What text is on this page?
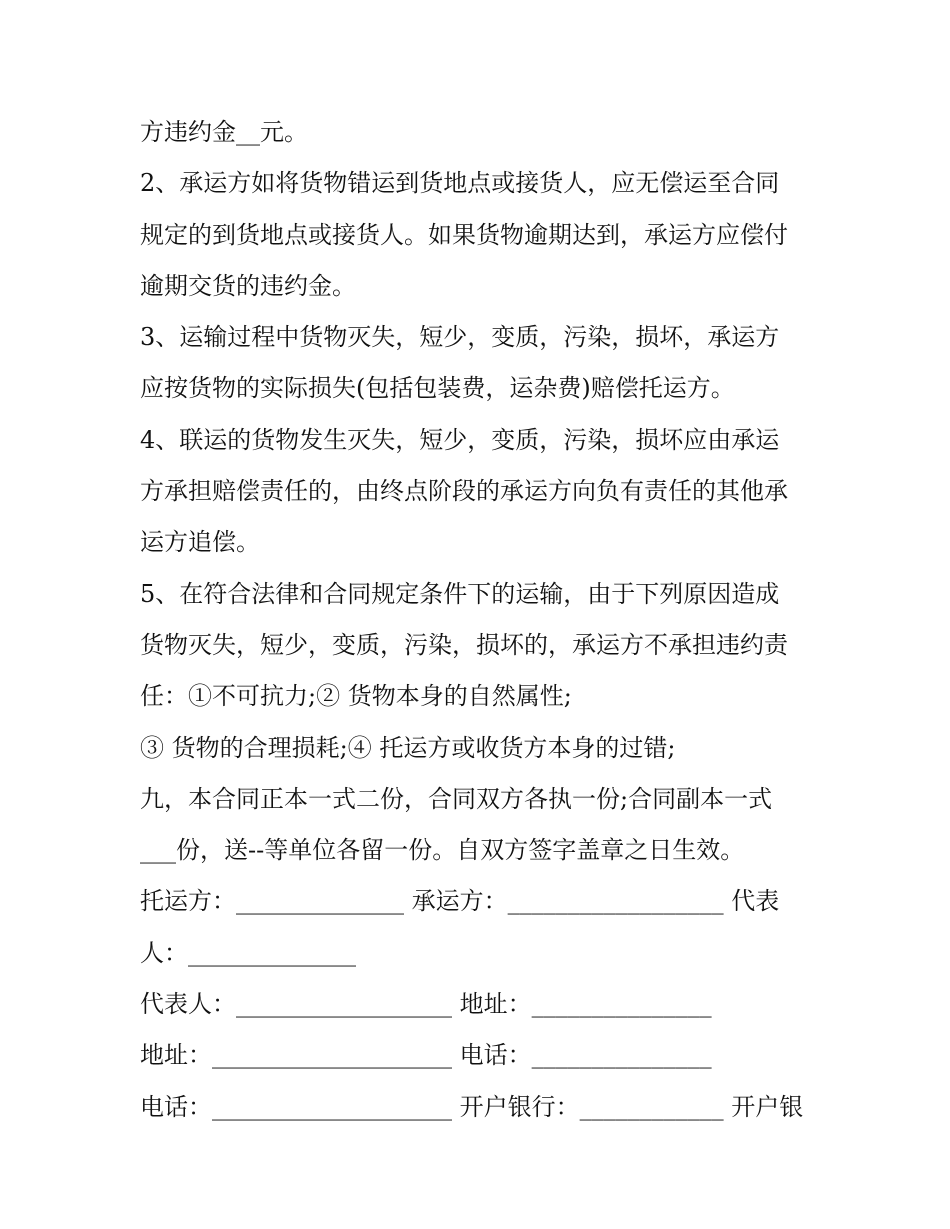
方违约金__元。
2、承运方如将货物错运到货地点或接货人，应无偿运至合同
规定的到货地点或接货人。如果货物逾期达到，承运方应偿付
逾期交货的违约金。
3、运输过程中货物灭失，短少，变质，污染，损坏，承运方
应按货物的实际损失(包括包装费，运杂费)赔偿托运方。
4、联运的货物发生灭失，短少，变质，污染，损坏应由承运
方承担赔偿责任的，由终点阶段的承运方向负有责任的其他承
运方追偿。
5、在符合法律和合同规定条件下的运输，由于下列原因造成
货物灭失，短少，变质，污染，损坏的，承运方不承担违约责
任：①不可抗力;② 货物本身的自然属性;
③ 货物的合理损耗;④ 托运方或收货方本身的过错;
九，本合同正本一式二份，合同双方各执一份;合同副本一式
___份，送--等单位各留一份。自双方签字盖章之日生效。
托运方：______________ 承运方：__________________ 代表
人：______________
代表人：__________________ 地址：_______________
地址：____________________ 电话：_______________
电话：____________________ 开户银行：____________ 开户银
